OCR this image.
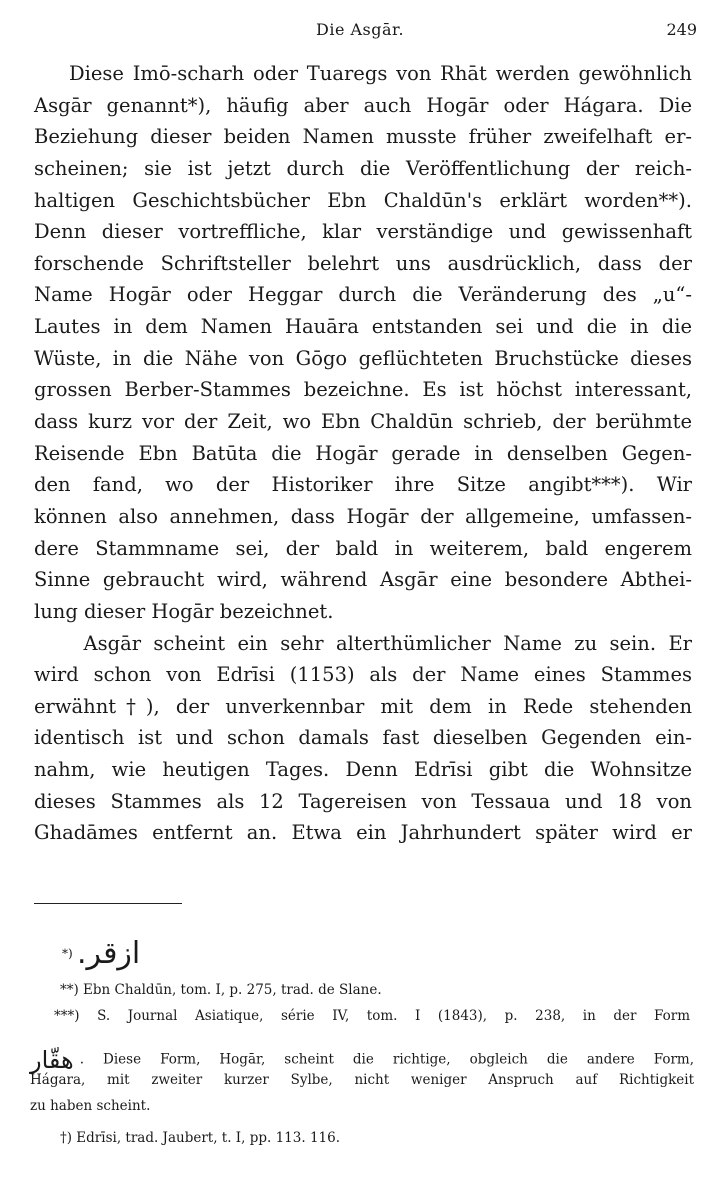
Die Asgār.	249
Diese Imō-scharh oder Tuaregs von Rhāt werden gewöhnlich
Asgār genannt*), häufig aber auch Hogār oder Hágara. Die
Beziehung dieser beiden Namen musste früher zweifelhaft er-
scheinen; sie ist jetzt durch die Veröffentlichung der reich-
haltigen Geschichtsbücher Ebn Chaldūn's erklärt worden**).
Denn dieser vortreffliche, klar verständige und gewissenhaft
forschende Schriftsteller belehrt uns ausdrücklich, dass der
Name Hogār oder Heggar durch die Veränderung des „u“-
Lautes in dem Namen Hauāra entstanden sei und die in die
Wüste, in die Nähe von Gōgo geflüchteten Bruchstücke dieses
grossen Berber-Stammes bezeichne. Es ist höchst interessant,
dass kurz vor der Zeit, wo Ebn Chaldūn schrieb, der berühmte
Reisende Ebn Batūta die Hogār gerade in denselben Gegen-
den fand, wo der Historiker ihre Sitze angibt***). Wir
können also annehmen, dass Hogār der allgemeine, umfassen-
dere Stammname sei, der bald in weiterem, bald engerem
Sinne gebraucht wird, während Asgār eine besondere Abthei-
lung dieser Hogār bezeichnet.
Asgār scheint ein sehr alterthümlicher Name zu sein. Er
wird schon von Edrīsi (1153) als der Name eines Stammes
erwähnt†), der unverkennbar mit dem in Rede stehenden
identisch ist und schon damals fast dieselben Gegenden ein-
nahm, wie heutigen Tages. Denn Edrīsi gibt die Wohnsitze
dieses Stammes als 12 Tagereisen von Tessaua und 18 von
Ghadāmes entfernt an. Etwa ein Jahrhundert später wird er
*) ازقر.
**) Ebn Chaldūn, tom. I, p. 275, trad. de Slane.
***) S. Journal Asiatique, série IV, tom. I (1843), p. 238, in der Form
هقّار . Diese Form, Hogār, scheint die richtige, obgleich die andere Form,
Hágara, mit zweiter kurzer Sylbe, nicht weniger Anspruch auf Richtigkeit
zu haben scheint.
†) Edrīsi, trad. Jaubert, t. I, pp. 113. 116.
